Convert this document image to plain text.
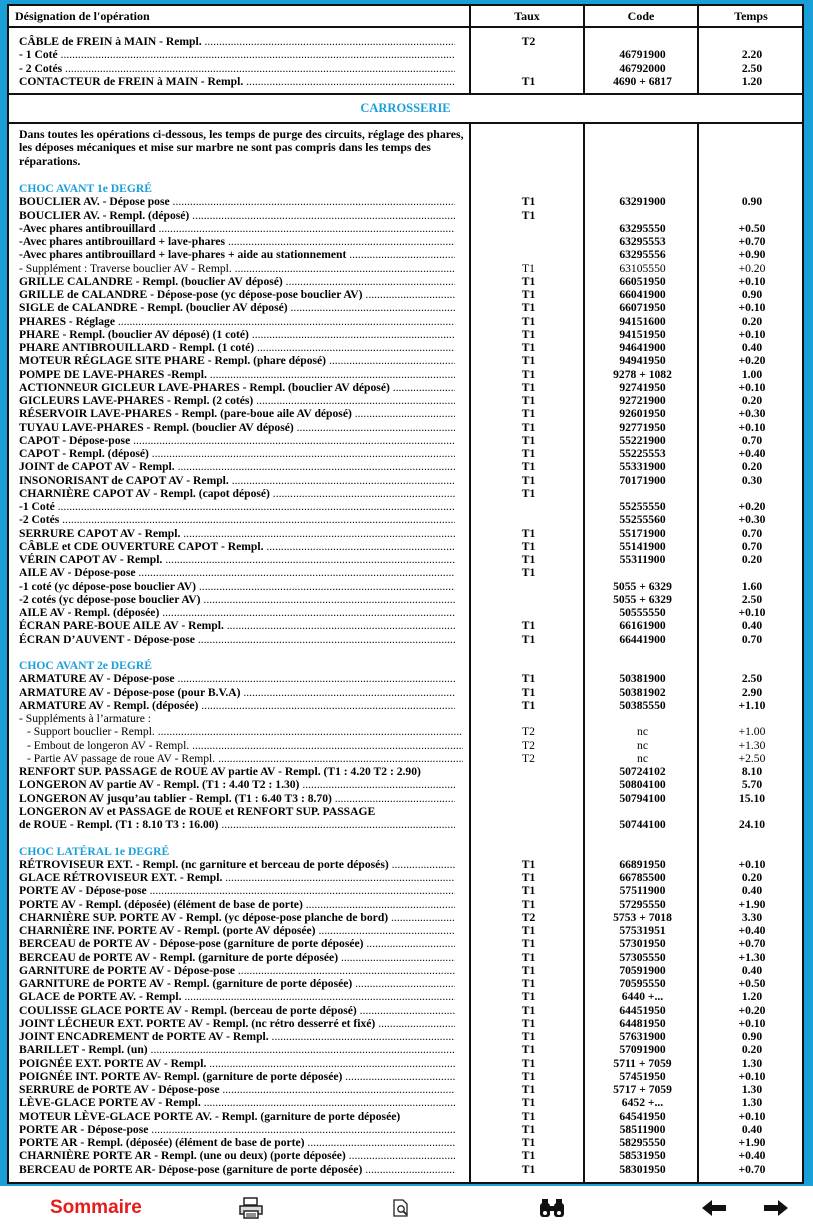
Désignation de l'opération	Taux	Code	Temps
CÂBLE de FREIN à MAIN - Rempl. .....	T2
- 1 Coté .....	46791900	2.20
- 2 Cotés .....	46792000	2.50
CONTACTEUR de FREIN à MAIN - Rempl. .....	T1	4690 + 6817	1.20
CARROSSERIE
Dans toutes les opérations ci-dessous, les temps de purge des circuits, réglage des phares, les déposes mécaniques et mise sur marbre ne sont pas compris dans les temps des réparations.
CHOC AVANT 1e DEGRÉ
BOUCLIER AV. - Dépose pose .....	T1	63291900	0.90
BOUCLIER AV. - Rempl. (déposé) .....	T1
-Avec phares antibrouillard .....	63295550	+0.50
-Avec phares antibrouillard + lave-phares .....	63295553	+0.70
-Avec phares antibrouillard + lave-phares + aide au stationnement .....	63295556	+0.90
- Supplément : Traverse bouclier AV - Rempl. .....	T1	63105550	+0.20
GRILLE CALANDRE - Rempl. (bouclier AV déposé) .....	T1	66051950	+0.10
GRILLE de CALANDRE - Dépose-pose (yc dépose-pose bouclier AV) .....	T1	66041900	0.90
SIGLE de CALANDRE - Rempl. (bouclier AV déposé) .....	T1	66071950	+0.10
PHARES - Réglage .....	T1	94151600	0.20
PHARE - Rempl. (bouclier AV déposé) (1 coté) .....	T1	94151950	+0.10
PHARE ANTIBROUILLARD - Rempl. (1 coté) .....	T1	94641900	0.40
MOTEUR RÉGLAGE SITE PHARE - Rempl. (phare déposé) .....	T1	94941950	+0.20
POMPE DE LAVE-PHARES -Rempl. .....	T1	9278 + 1082	1.00
ACTIONNEUR GICLEUR LAVE-PHARES - Rempl. (bouclier AV déposé) .....	T1	92741950	+0.10
GICLEURS LAVE-PHARES - Rempl. (2 cotés) .....	T1	92721900	0.20
RÉSERVOIR LAVE-PHARES - Rempl. (pare-boue aile AV déposé) .....	T1	92601950	+0.30
TUYAU LAVE-PHARES - Rempl. (bouclier AV déposé) .....	T1	92771950	+0.10
CAPOT - Dépose-pose .....	T1	55221900	0.70
CAPOT - Rempl. (déposé) .....	T1	55225553	+0.40
JOINT de CAPOT AV - Rempl. .....	T1	55331900	0.20
INSONORISANT de CAPOT AV - Rempl. .....	T1	70171900	0.30
CHARNIÈRE CAPOT AV - Rempl. (capot déposé) .....	T1
-1 Coté .....	55255550	+0.20
-2 Cotés .....	55255560	+0.30
SERRURE CAPOT AV - Rempl. .....	T1	55171900	0.70
CÂBLE et CDE OUVERTURE CAPOT - Rempl. .....	T1	55141900	0.70
VÉRIN CAPOT AV - Rempl. .....	T1	55311900	0.20
AILE AV - Dépose-pose .....	T1
-1 coté (yc dépose-pose bouclier AV) .....	5055 + 6329	1.60
-2 cotés (yc dépose-pose bouclier AV) .....	5055 + 6329	2.50
AILE AV - Rempl. (déposée) .....	50555550	+0.10
ÉCRAN PARE-BOUE AILE AV - Rempl. .....	T1	66161900	0.40
ÉCRAN D’AUVENT - Dépose-pose .....	T1	66441900	0.70
CHOC AVANT 2e DEGRÉ
ARMATURE AV - Dépose-pose .....	T1	50381900	2.50
ARMATURE AV - Dépose-pose (pour B.V.A) .....	T1	50381902	2.90
ARMATURE AV - Rempl. (déposée) .....	T1	50385550	+1.10
- Suppléments à l’armature :
- Support bouclier - Rempl. .....	T2	nc	+1.00
- Embout de longeron AV - Rempl. .....	T2	nc	+1.30
- Partie AV passage de roue AV - Rempl. .....	T2	nc	+2.50
RENFORT SUP. PASSAGE de ROUE AV partie AV - Rempl. (T1 : 4.20 T2 : 2.90)	50724102	8.10
LONGERON AV partie AV - Rempl. (T1 : 4.40 T2 : 1.30) .....	50804100	5.70
LONGERON AV jusqu’au tablier - Rempl. (T1 : 6.40 T3 : 8.70) .....	50794100	15.10
LONGERON AV et PASSAGE de ROUE et RENFORT SUP. PASSAGE
de ROUE - Rempl. (T1 : 8.10 T3 : 16.00) .....	50744100	24.10
CHOC LATÉRAL 1e DEGRÉ
RÉTROVISEUR EXT. - Rempl. (nc garniture et berceau de porte déposés) .....	T1	66891950	+0.10
GLACE RÉTROVISEUR EXT. - Rempl. .....	T1	66785500	0.20
PORTE AV - Dépose-pose .....	T1	57511900	0.40
PORTE AV - Rempl. (déposée) (élément de base de porte) .....	T1	57295550	+1.90
CHARNIÈRE SUP. PORTE AV - Rempl. (yc dépose-pose planche de bord) .....	T2	5753 + 7018	3.30
CHARNIÈRE INF. PORTE AV - Rempl. (porte AV déposée) .....	T1	57531951	+0.40
BERCEAU de PORTE AV - Dépose-pose (garniture de porte déposée) .....	T1	57301950	+0.70
BERCEAU de PORTE AV - Rempl. (garniture de porte déposée) .....	T1	57305550	+1.30
GARNITURE de PORTE AV - Dépose-pose .....	T1	70591900	0.40
GARNITURE de PORTE AV - Rempl. (garniture de porte déposée) .....	T1	70595550	+0.50
GLACE de PORTE AV. - Rempl. .....	T1	6440 +...	1.20
COULISSE GLACE PORTE AV - Rempl. (berceau de porte déposé) .....	T1	64451950	+0.20
JOINT LÉCHEUR EXT. PORTE AV - Rempl. (nc rétro desserré et fixé) .....	T1	64481950	+0.10
JOINT ENCADREMENT de PORTE AV - Rempl. .....	T1	57631900	0.90
BARILLET - Rempl. (un) .....	T1	57091900	0.20
POIGNÉE EXT. PORTE AV - Rempl. .....	T1	5711 + 7059	1.30
POIGNÉE INT. PORTE AV- Rempl. (garniture de porte déposée) .....	T1	57451950	+0.10
SERRURE de PORTE AV - Dépose-pose .....	T1	5717 + 7059	1.30
LÈVE-GLACE PORTE AV - Rempl. .....	T1	6452 +...	1.30
MOTEUR LÈVE-GLACE PORTE AV. - Rempl. (garniture de porte déposée)	T1	64541950	+0.10
PORTE AR - Dépose-pose .....	T1	58511900	0.40
PORTE AR - Rempl. (déposée) (élément de base de porte) .....	T1	58295550	+1.90
CHARNIÈRE PORTE AR - Rempl. (une ou deux) (porte déposée) .....	T1	58531950	+0.40
BERCEAU de PORTE AR- Dépose-pose (garniture de porte déposée) .....	T1	58301950	+0.70
Sommaire
